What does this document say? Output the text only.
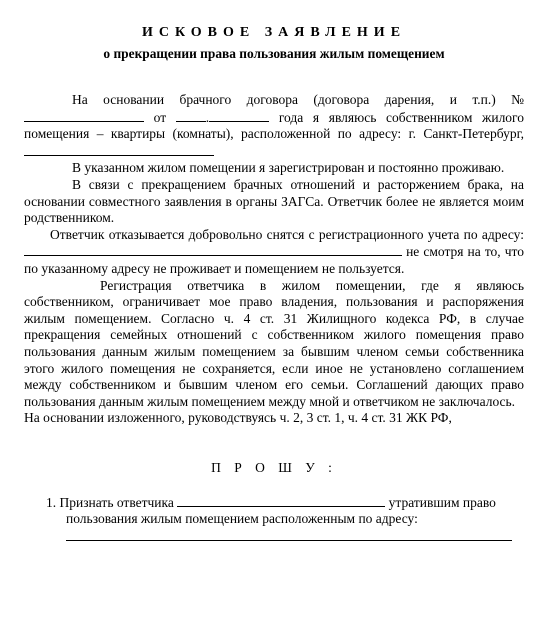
ИСКОВОЕ ЗАЯВЛЕНИЕ

о прекращении права пользования жилым помещением

На основании брачного договора (договора дарения, и т.п.) №  от	.	года я являюсь собственником жилого помещения – квартиры (комнаты), расположенной по адресу: г. Санкт-Петербург,

В указанном жилом помещении я зарегистрирован и постоянно проживаю.

В связи с прекращением брачных отношений и расторжением брака, на основании совместного заявления в органы ЗАГСа. Ответчик более не является моим родственником.

Ответчик отказывается добровольно снятся с регистрационного учета по адресу:  не смотря на то, что по указанному адресу не проживает и помещением не пользуется.

Регистрация ответчика в жилом помещении, где я являюсь собственником, ограничивает мое право владения, пользования и распоряжения жилым помещением. Согласно ч. 4 ст. 31 Жилищного кодекса РФ, в случае прекращения семейных отношений с собственником жилого помещения право пользования данным жилым помещением за бывшим членом семьи собственника этого жилого помещения не сохраняется, если иное не установлено соглашением между собственником и бывшим членом его семьи. Соглашений дающих право пользования данным жилым помещением между мной и ответчиком не заключалось.

На основании изложенного, руководствуясь ч. 2, 3 ст. 1, ч. 4 ст. 31 ЖК РФ,

П Р О Ш У :

1. Признать ответчика	утратившим право
пользования жилым помещением расположенным по адресу:
